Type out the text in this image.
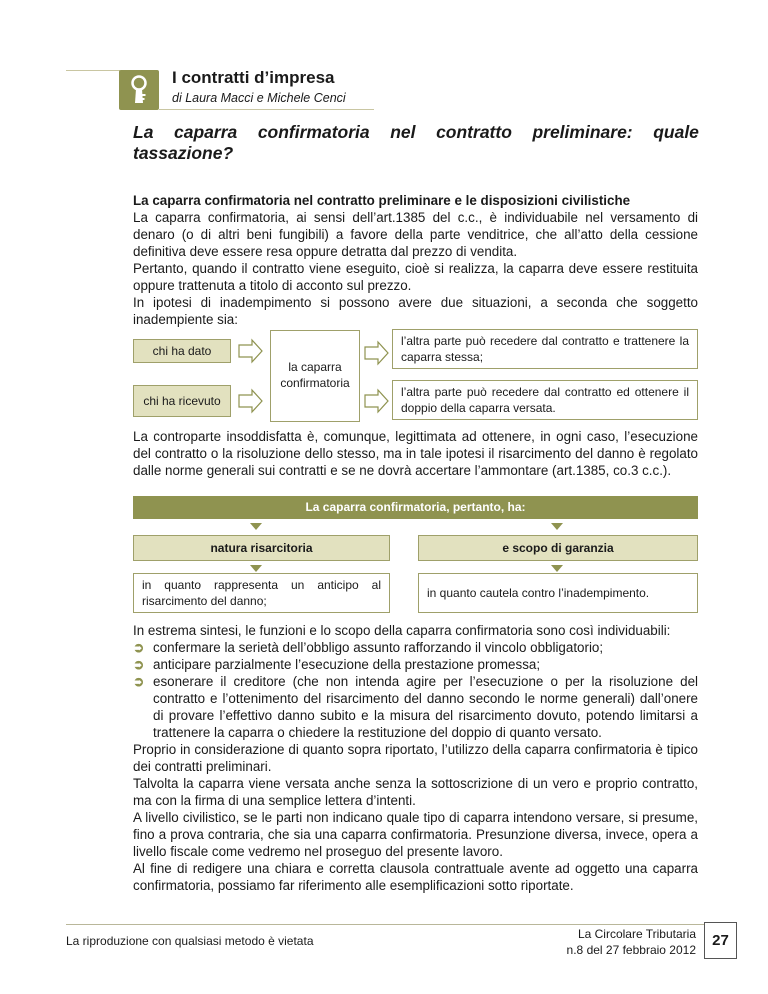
I contratti d’impresa
di Laura Macci e Michele Cenci
La caparra confirmatoria nel contratto preliminare: quale
tassazione?
La caparra confirmatoria nel contratto preliminare e le disposizioni civilistiche
La caparra confirmatoria, ai sensi dell’art.1385 del c.c., è individuabile nel versamento di denaro (o di altri beni fungibili) a favore della parte venditrice, che all’atto della cessione definitiva deve essere resa oppure detratta dal prezzo di vendita.
Pertanto, quando il contratto viene eseguito, cioè si realizza, la caparra deve essere restituita oppure trattenuta a titolo di acconto sul prezzo.
In ipotesi di inadempimento si possono avere due situazioni, a seconda che soggetto inadempiente sia:
chi ha dato
chi ha ricevuto
la caparra confirmatoria
l’altra parte può recedere dal contratto e trattenere la caparra stessa;
l’altra parte può recedere dal contratto ed ottenere il doppio della caparra versata.
La controparte insoddisfatta è, comunque, legittimata ad ottenere, in ogni caso, l’esecuzione del contratto o la risoluzione dello stesso, ma in tale ipotesi il risarcimento del danno è regolato dalle norme generali sui contratti e se ne dovrà accertare l’ammontare (art.1385, co.3 c.c.).
La caparra confirmatoria, pertanto, ha:
natura risarcitoria	e scopo di garanzia
in quanto rappresenta un anticipo al risarcimento del danno;
in quanto cautela contro l’inadempimento.
In estrema sintesi, le funzioni e lo scopo della caparra confirmatoria sono così individuabili:
➲ confermare la serietà dell’obbligo assunto rafforzando il vincolo obbligatorio;
➲ anticipare parzialmente l’esecuzione della prestazione promessa;
➲ esonerare il creditore (che non intenda agire per l’esecuzione o per la risoluzione del contratto e l’ottenimento del risarcimento del danno secondo le norme generali) dall’onere di provare l’effettivo danno subito e la misura del risarcimento dovuto, potendo limitarsi a trattenere la caparra o chiedere la restituzione del doppio di quanto versato.
Proprio in considerazione di quanto sopra riportato, l’utilizzo della caparra confirmatoria è tipico dei contratti preliminari.
Talvolta la caparra viene versata anche senza la sottoscrizione di un vero e proprio contratto, ma con la firma di una semplice lettera d’intenti.
A livello civilistico, se le parti non indicano quale tipo di caparra intendono versare, si presume, fino a prova contraria, che sia una caparra confirmatoria. Presunzione diversa, invece, opera a livello fiscale come vedremo nel proseguo del presente lavoro.
Al fine di redigere una chiara e corretta clausola contrattuale avente ad oggetto una caparra confirmatoria, possiamo far riferimento alle esemplificazioni sotto riportate.
La riproduzione con qualsiasi metodo è vietata	La Circolare Tributaria
n.8 del 27 febbraio 2012
27
